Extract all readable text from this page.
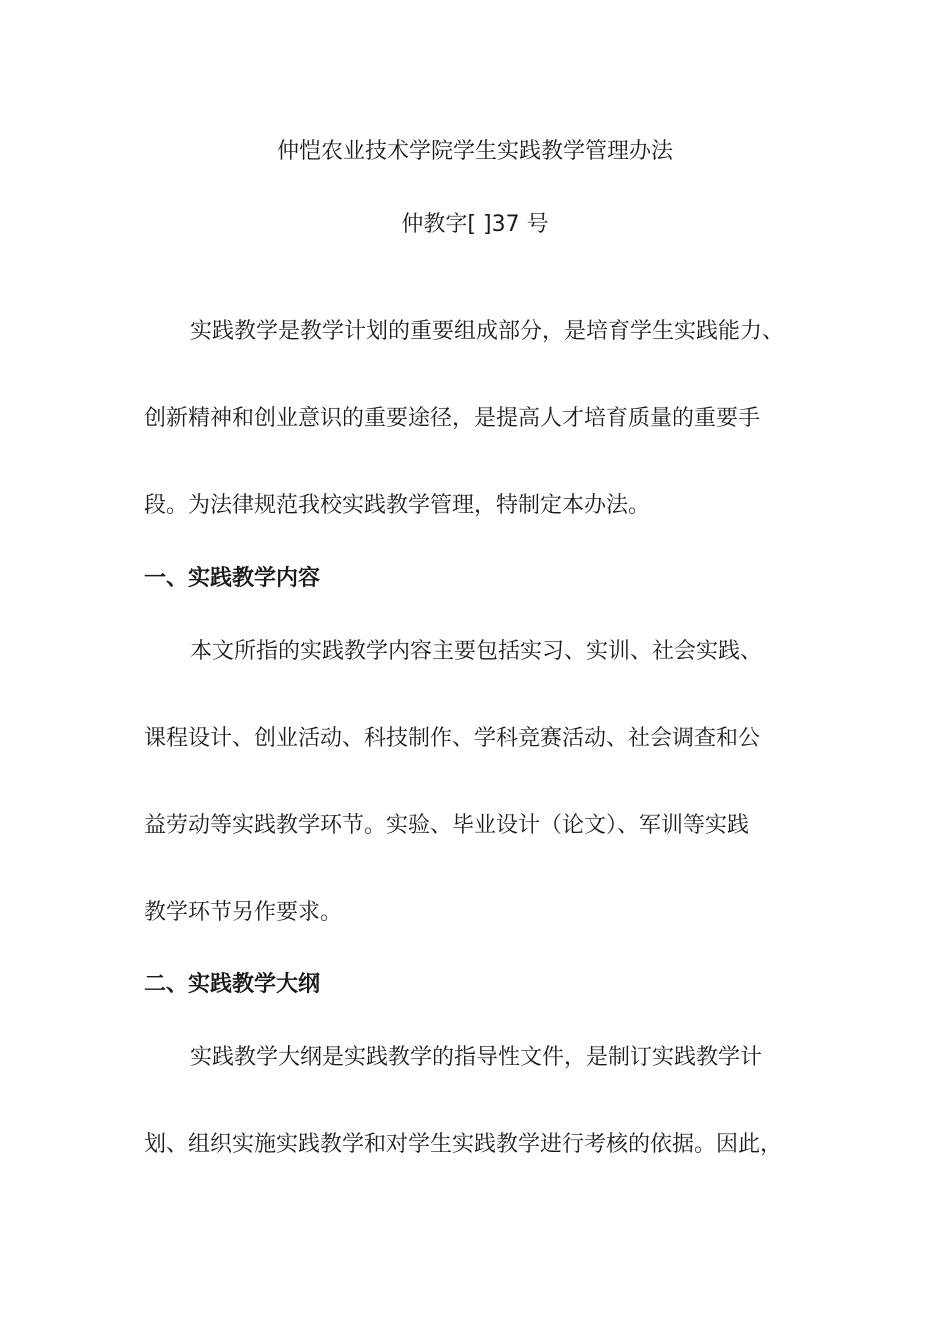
仲恺农业技术学院学生实践教学管理办法
仲教字[ ]37 号
实践教学是教学计划的重要组成部分，是培育学生实践能力、
创新精神和创业意识的重要途径，是提高人才培育质量的重要手
段。为法律规范我校实践教学管理，特制定本办法。
一、实践教学内容
本文所指的实践教学内容主要包括实习、实训、社会实践、
课程设计、创业活动、科技制作、学科竞赛活动、社会调查和公
益劳动等实践教学环节。实验、毕业设计（论文）、军训等实践
教学环节另作要求。
二、实践教学大纲
实践教学大纲是实践教学的指导性文件，是制订实践教学计
划、组织实施实践教学和对学生实践教学进行考核的依据。因此，
